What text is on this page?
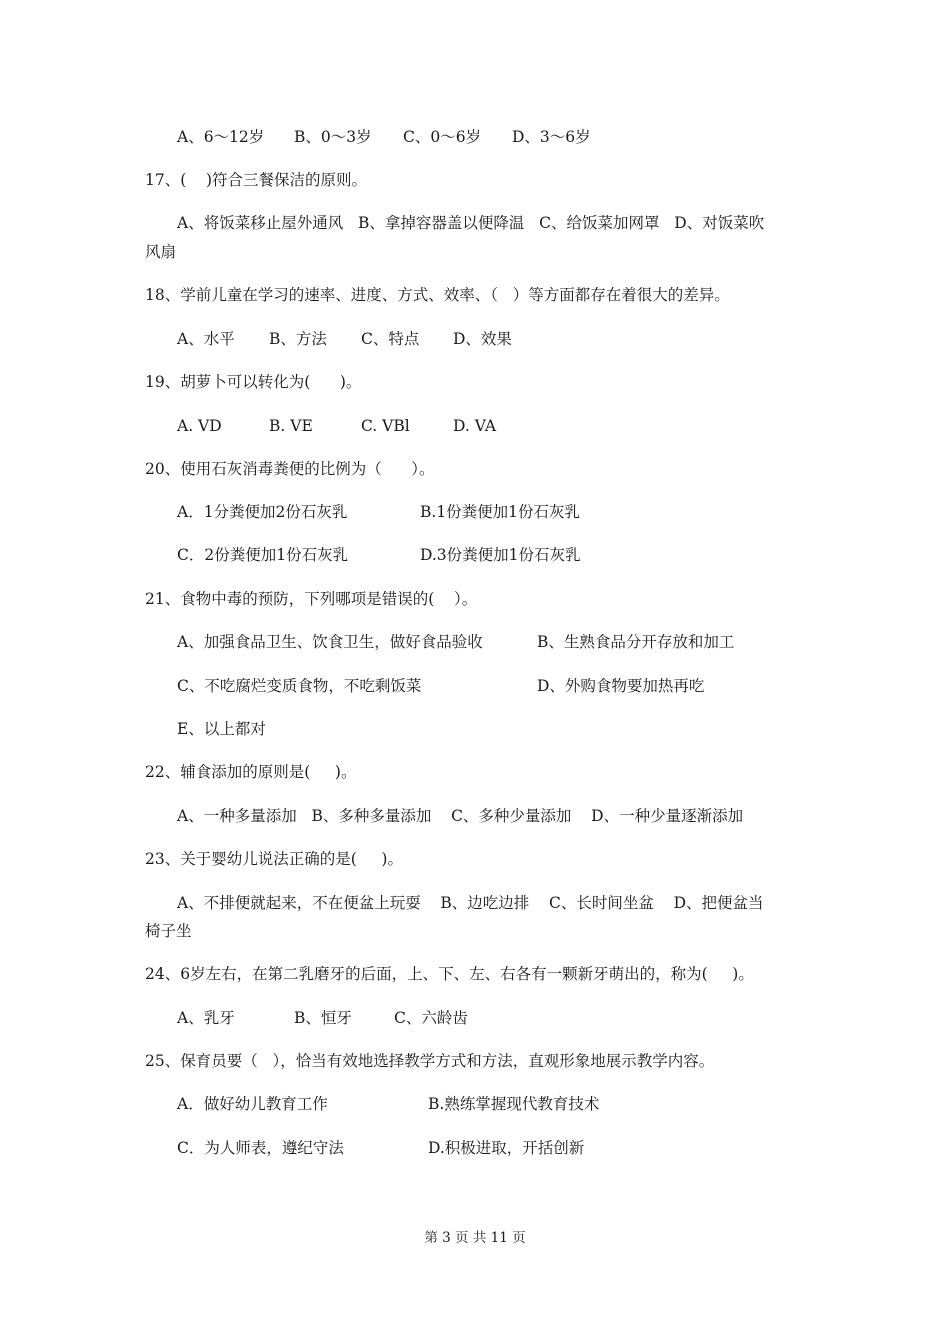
A、6～12岁 B、0～3岁 C、0～6岁 D、3～6岁
17、(    )符合三餐保洁的原则。
A、将饭菜移止屋外通风   B、拿掉容器盖以便降温   C、给饭菜加网罩   D、对饭菜吹
风扇
18、学前儿童在学习的速率、进度、方式、效率、（   ）等方面都存在着很大的差异。
A、水平 B、方法 C、特点 D、效果
19、胡萝卜可以转化为(      )。
A. VD	B. VE	C. VBl	D. VA
20、使用石灰消毒粪便的比例为（      ）。
A．1分粪便加2份石灰乳	B.1份粪便加1份石灰乳
C．2份粪便加1份石灰乳	D.3份粪便加1份石灰乳
21、食物中毒的预防，下列哪项是错误的(    ）。
A、加强食品卫生、饮食卫生，做好食品验收	B、生熟食品分开存放和加工
C、不吃腐烂变质食物，不吃剩饭菜	D、外购食物要加热再吃
E、以上都对
22、辅食添加的原则是(     )。
A、一种多量添加   B、多种多量添加    C、多种少量添加    D、一种少量逐渐添加
23、关于婴幼儿说法正确的是(     )。
A、不排便就起来，不在便盆上玩耍    B、边吃边排    C、长时间坐盆    D、把便盆当
椅子坐
24、6岁左右，在第二乳磨牙的后面，上、下、左、右各有一颗新牙萌出的，称为(     )。
A、乳牙	B、恒牙	C、六龄齿
25、保育员要（   ），恰当有效地选择教学方式和方法，直观形象地展示教学内容。
A．做好幼儿教育工作	B.熟练掌握现代教育技术
C．为人师表，遵纪守法	D.积极进取，开括创新
第 3 页 共 11 页
